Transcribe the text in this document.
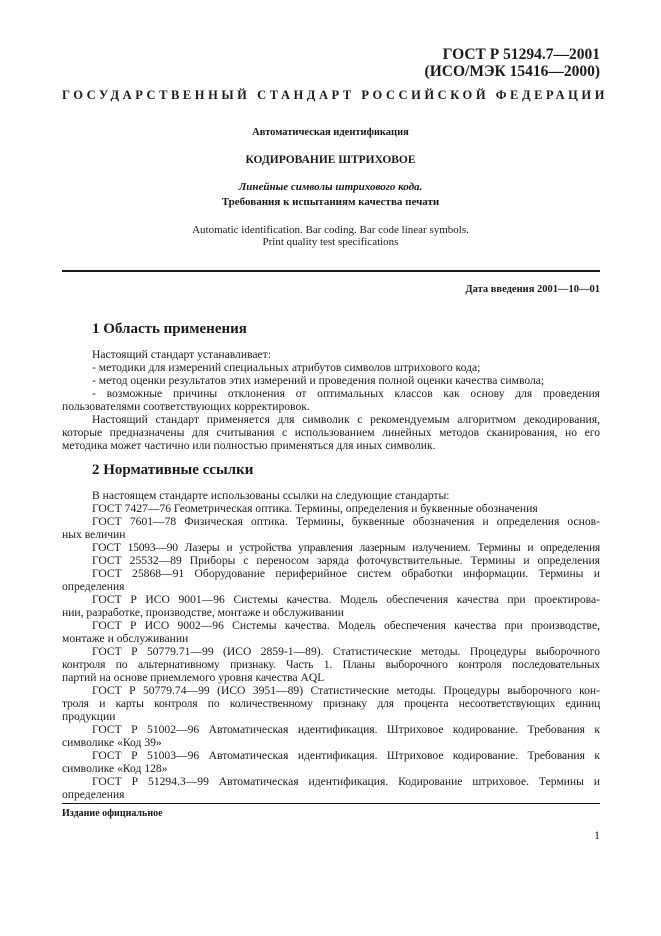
ГОСТ Р 51294.7—2001
(ИСО/МЭК 15416—2000)
ГОСУДАРСТВЕННЫЙ СТАНДАРТ РОССИЙСКОЙ ФЕДЕРАЦИИ
Автоматическая идентификация
КОДИРОВАНИЕ ШТРИХОВОЕ
Линейные символы штрихового кода.
Требования к испытаниям качества печати
Automatic identification. Bar coding. Bar code linear symbols.
Print quality test specifications
Дата введения 2001—10—01
1 Область применения
Настоящий стандарт устанавливает:
- методики для измерений специальных атрибутов символов штрихового кода;
- метод оценки результатов этих измерений и проведения полной оценки качества символа;
- возможные причины отклонения от оптимальных классов как основу для проведения
пользователями соответствующих корректировок.
Настоящий стандарт применяется для символик с рекомендуемым алгоритмом декодирования,
которые предназначены для считывания с использованием линейных методов сканирования, но его
методика может частично или полностью применяться для иных символик.
2 Нормативные ссылки
В настоящем стандарте использованы ссылки на следующие стандарты:
ГОСТ 7427—76 Геометрическая оптика. Термины, определения и буквенные обозначения
ГОСТ 7601—78 Физическая оптика. Термины, буквенные обозначения и определения основ-
ных величин
ГОСТ 15093—90 Лазеры и устройства управления лазерным излучением. Термины и определения
ГОСТ 25532—89 Приборы с переносом заряда фоточувствительные. Термины и определения
ГОСТ 25868—91 Оборудование периферийное систем обработки информации. Термины и
определения
ГОСТ Р ИСО 9001—96 Системы качества. Модель обеспечения качества при проектирова-
нии, разработке, производстве, монтаже и обслуживании
ГОСТ Р ИСО 9002—96 Системы качества. Модель обеспечения качества при производстве,
монтаже и обслуживании
ГОСТ Р 50779.71—99 (ИСО 2859-1—89). Статистические методы. Процедуры выборочного
контроля по альтернативному признаку. Часть 1. Планы выборочного контроля последовательных
партий на основе приемлемого уровня качества AQL
ГОСТ Р 50779.74—99 (ИСО 3951—89) Статистические методы. Процедуры выборочного кон-
троля и карты контроля по количественному признаку для процента несоответствующих единиц
продукции
ГОСТ Р 51002—96 Автоматическая идентификация. Штриховое кодирование. Требования к
символике «Код 39»
ГОСТ Р 51003—96 Автоматическая идентификация. Штриховое кодирование. Требования к
символике «Код 128»
ГОСТ Р 51294.3—99 Автоматическая идентификация. Кодирование штриховое. Термины и
определения
Издание официальное
1
